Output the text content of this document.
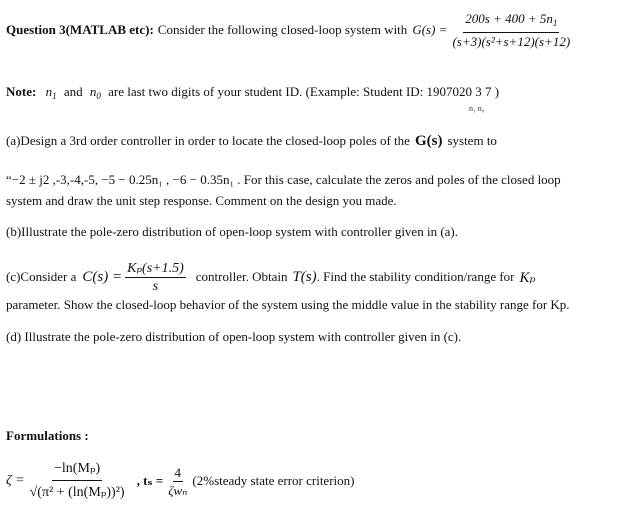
Question 3(MATLAB etc): Consider the following closed-loop system with $G(s) = \frac{200s + 400 + 5n_1}{\text{(s+3)(s²+s+12)(s+12)}}$
Note: $n_1$ and $n_0$ are last two digits of your student ID. (Example: Student ID: 1907020 3 7 )
n₁ n₀
(a)Design a 3rd order controller in order to locate the closed-loop poles of the G(s) system to
“−2 ± j2 ,-3,-4,-5, −5 − 0.25n₁ , −6 − 0.35n₁ . For this case, calculate the zeros and poles of the closed loop
system and draw the unit step response. Comment on the design you made.
(b)Illustrate the pole-zero distribution of open-loop system with controller given in (a).
(c)Consider a $C(s) = \frac{\text{Kₚ(s+1.5)}}{s}$ controller. Obtain T(s) . Find the stability condition/range for Kₚ
parameter. Show the closed-loop behavior of the system using the middle value in the stability range for Kp.
(d) Illustrate the pole-zero distribution of open-loop system with controller given in (c).
Formulations :
$\zeta = \frac{\text{−ln(Mₚ)}}{\text{√(π² + (ln(Mₚ))²)}}$ , $t_s = \frac{4}{\text{ζwₙ}}$ (2%steady state error criterion)
